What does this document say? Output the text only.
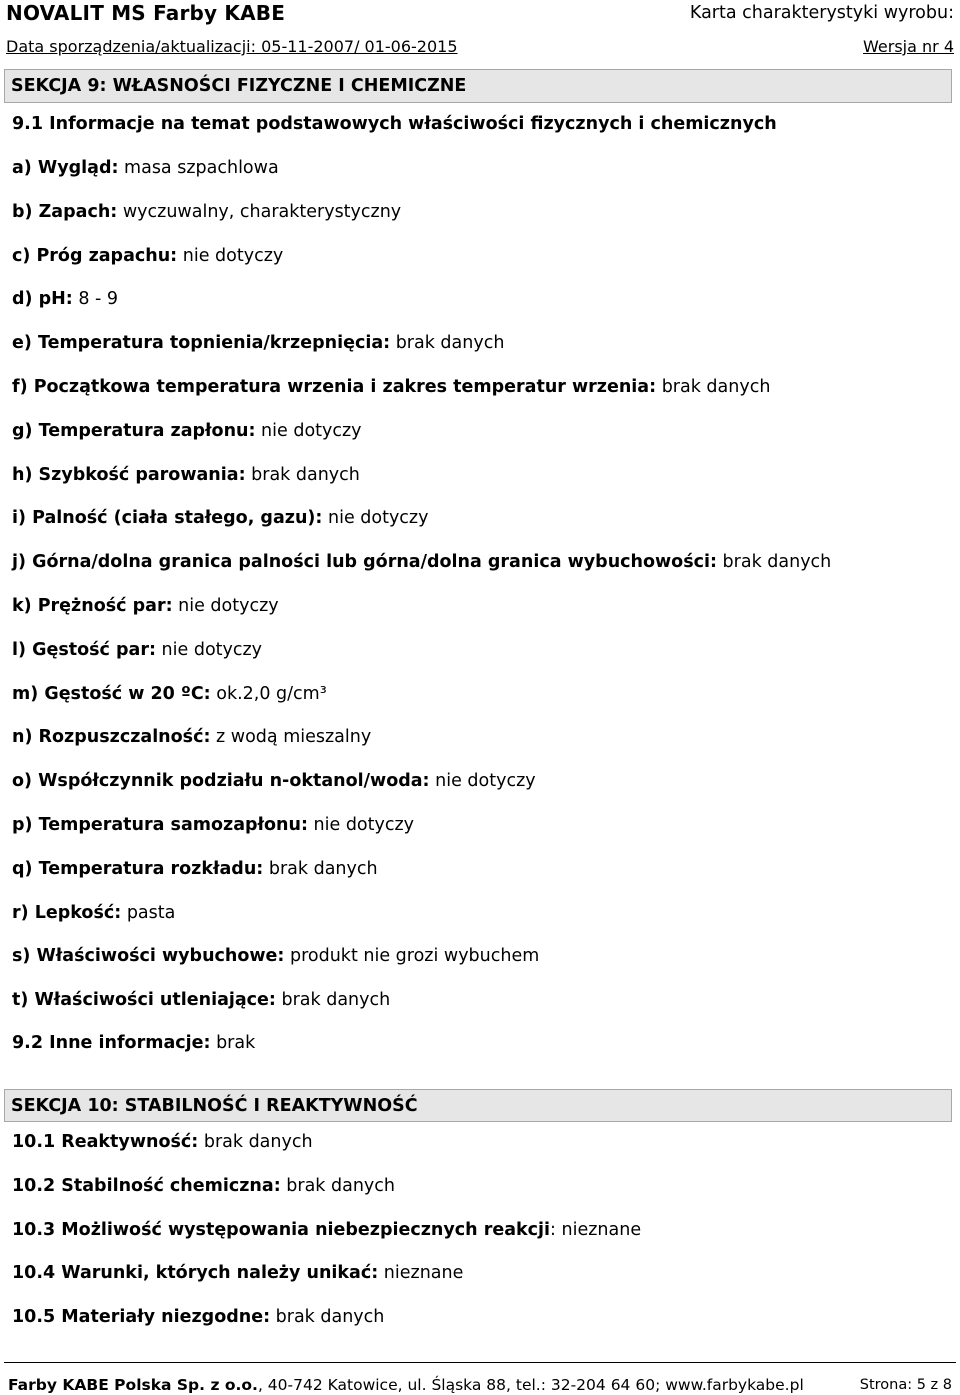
NOVALIT MS Farby KABE	Karta charakterystyki wyrobu:
Data sporządzenia/aktualizacji: 05-11-2007/ 01-06-2015	Wersja nr 4
SEKCJA 9: WŁASNOŚCI FIZYCZNE I CHEMICZNE
9.1 Informacje na temat podstawowych właściwości fizycznych i chemicznych
a) Wygląd: masa szpachlowa
b) Zapach: wyczuwalny, charakterystyczny
c) Próg zapachu: nie dotyczy
d) pH: 8 - 9
e) Temperatura topnienia/krzepnięcia: brak danych
f) Początkowa temperatura wrzenia i zakres temperatur wrzenia: brak danych
g) Temperatura zapłonu: nie dotyczy
h) Szybkość parowania: brak danych
i) Palność (ciała stałego, gazu): nie dotyczy
j) Górna/dolna granica palności lub górna/dolna granica wybuchowości: brak danych
k) Prężność par: nie dotyczy
l) Gęstość par: nie dotyczy
m) Gęstość w 20 ºC: ok.2,0 g/cm³
n) Rozpuszczalność: z wodą mieszalny
o) Współczynnik podziału n-oktanol/woda: nie dotyczy
p) Temperatura samozapłonu: nie dotyczy
q) Temperatura rozkładu: brak danych
r) Lepkość: pasta
s) Właściwości wybuchowe: produkt nie grozi wybuchem
t) Właściwości utleniające: brak danych
9.2 Inne informacje: brak
SEKCJA 10: STABILNOŚĆ I REAKTYWNOŚĆ
10.1 Reaktywność: brak danych
10.2 Stabilność chemiczna: brak danych
10.3 Możliwość występowania niebezpiecznych reakcji: nieznane
10.4 Warunki, których należy unikać: nieznane
10.5 Materiały niezgodne: brak danych
Farby KABE Polska Sp. z o.o., 40-742 Katowice, ul. Śląska 88, tel.: 32-204 64 60; www.farbykabe.pl	Strona: 5 z 8
